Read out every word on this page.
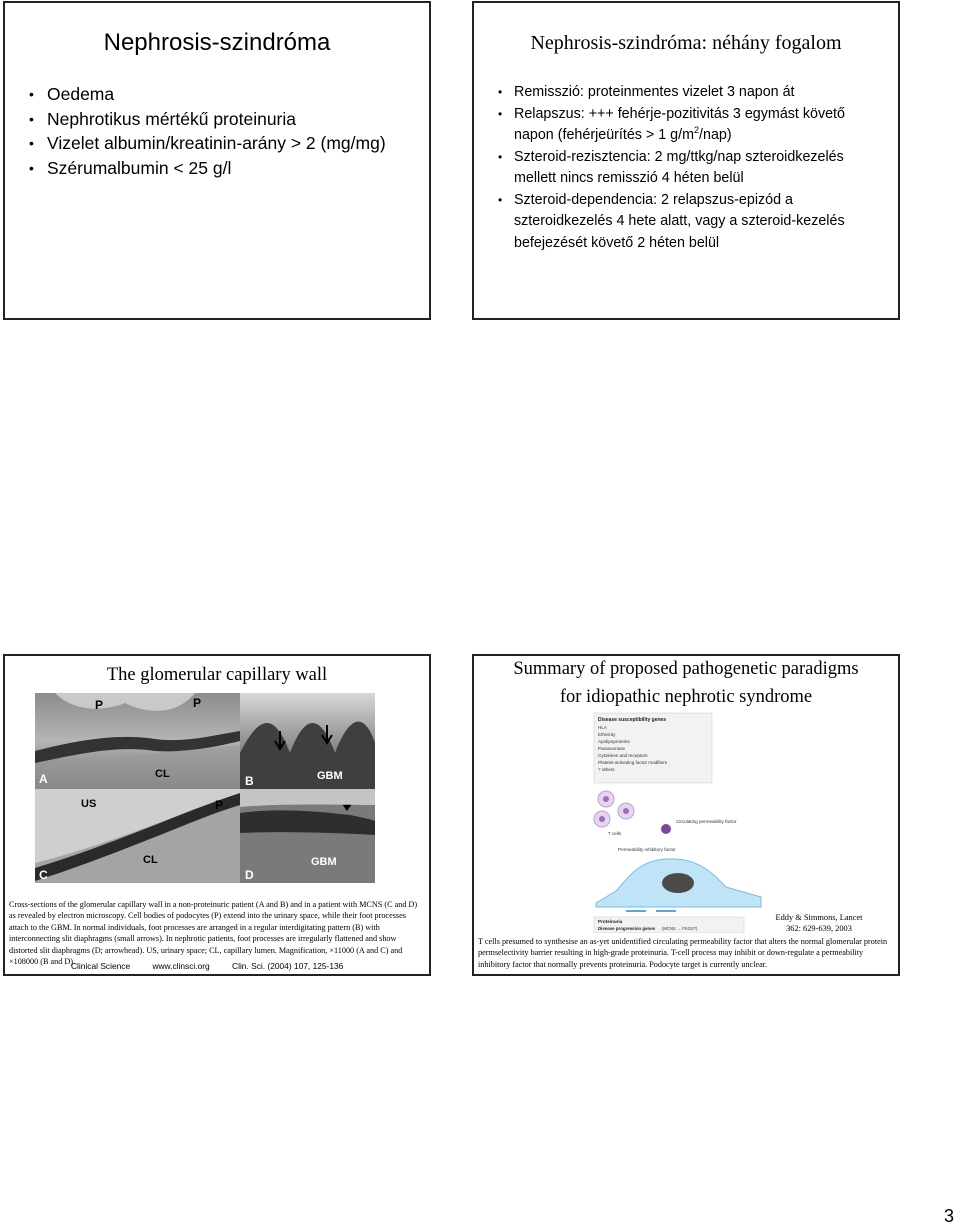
Nephrosis-szindróma
• Oedema
• Nephrotikus mértékű proteinuria
• Vizelet albumin/kreatinin-arány > 2 (mg/mg)
• Szérumalbumin < 25 g/l
Nephrosis-szindróma: néhány fogalom
• Remisszió: proteinmentes vizelet 3 napon át
• Relapszus: +++ fehérje-pozitivitás 3 egymást követő napon (fehérjeürítés > 1 $g/m^2/nap$)
• Szteroid-rezisztencia: 2 mg/ttkg/nap szteroidkezelés mellett nincs remisszió 4 héten belül
• Szteroid-dependencia: 2 relapszus-epizód a szteroidkezelés 4 hete alatt, vagy a szteroid-kezelés befejezését követő 2 héten belül
The glomerular capillary wall
P	P
A	CL	B	GBM
US	P
CL
C
GBM
D
Cross-sections of the glomerular capillary wall in a non-proteinuric patient (A and B) and in a patient with MCNS (C and D) as revealed by electron microscopy. Cell bodies of podocytes (P) extend into the urinary space, while their foot processes attach to the GBM. In normal individuals, foot processes are arranged in a regular interdigitating pattern (B) with interconnecting slit diaphragms (small arrows). In nephrotic patients, foot processes are irregularly flattened and show distorted slit diaphragms (D; arrowhead). US, urinary space; CL, capillary lumen. Magnification, ×11000 (A and C) and ×108000 (B and D).
Clinical Science	www.clinsci.org	Clin. Sci. (2004) 107, 125-136
Summary of proposed pathogenetic paradigms
for idiopathic nephrotic syndrome
Disease susceptibility genes
HLA
Ethnicity
Apolipoproteins
Paraoxonase
Cytokines and receptors
Platelet-activating factor modifiers
? others
T cells
Circulating permeability factor
Permeability inhibitory factor
Proteinuria
Disease progression genes (MCNS → FSGS?)
Eddy & Simmons, Lancet
362: 629-639, 2003
T cells presumed to synthesise an as-yet unidentified circulating permeability factor that alters the normal glomerular protein permselectivity barrier resulting in high-grade proteinuria. T-cell process may inhibit or down-regulate a permeability inhibitory factor that normally prevents proteinuria. Podocyte target is currently unclear.
3
